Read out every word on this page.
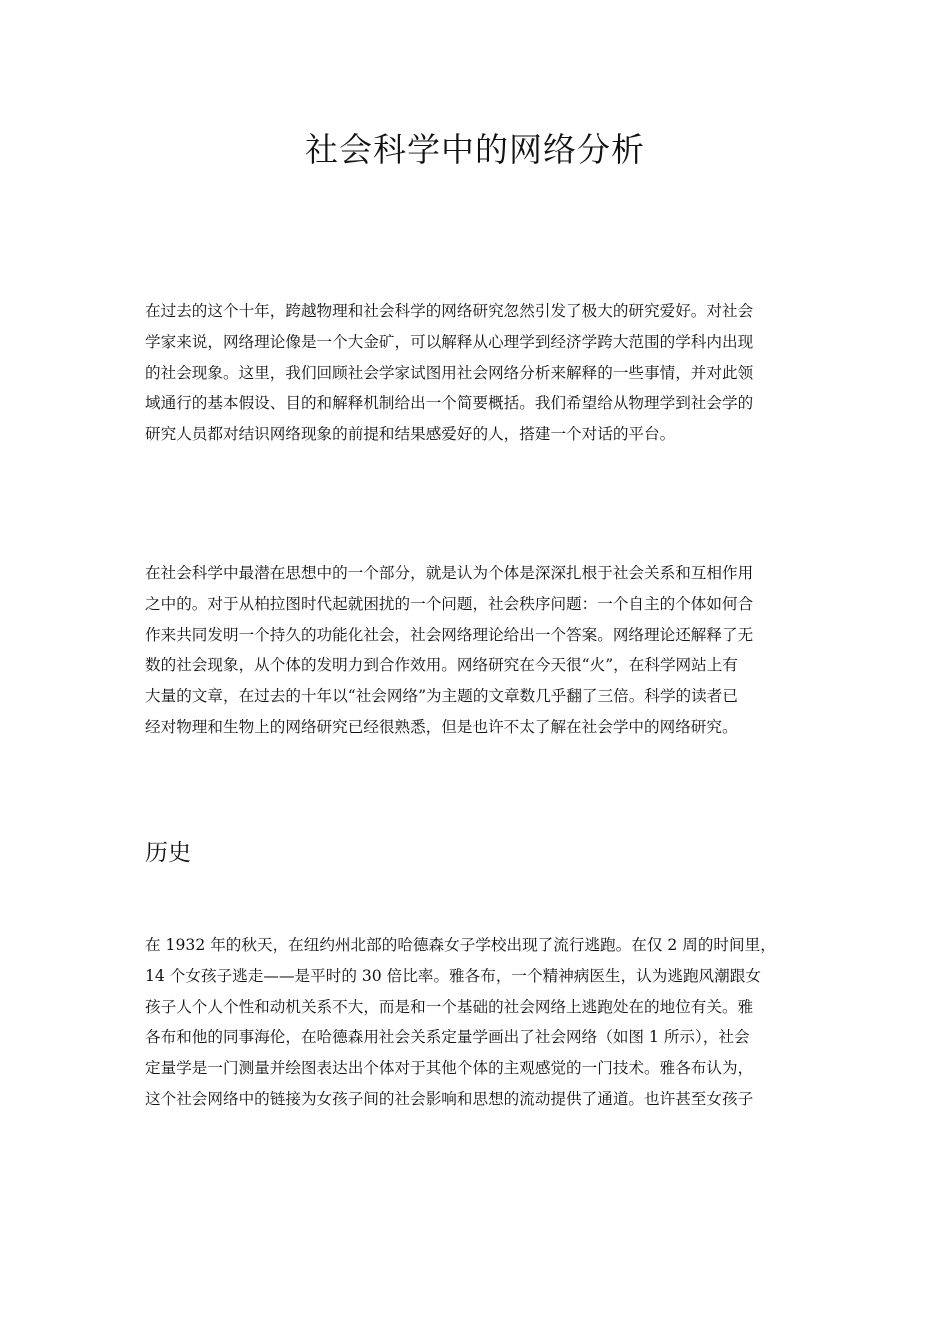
社会科学中的网络分析

在过去的这个十年，跨越物理和社会科学的网络研究忽然引发了极大的研究爱好。对社会
学家来说，网络理论像是一个大金矿，可以解释从心理学到经济学跨大范围的学科内出现
的社会现象。这里，我们回顾社会学家试图用社会网络分析来解释的一些事情，并对此领
域通行的基本假设、目的和解释机制给出一个简要概括。我们希望给从物理学到社会学的
研究人员都对结识网络现象的前提和结果感爱好的人，搭建一个对话的平台。

在社会科学中最潜在思想中的一个部分，就是认为个体是深深扎根于社会关系和互相作用
之中的。对于从柏拉图时代起就困扰的一个问题，社会秩序问题：一个自主的个体如何合
作来共同发明一个持久的功能化社会，社会网络理论给出一个答案。网络理论还解释了无
数的社会现象，从个体的发明力到合作效用。网络研究在今天很“火”，在科学网站上有
大量的文章，在过去的十年以“社会网络”为主题的文章数几乎翻了三倍。科学的读者已
经对物理和生物上的网络研究已经很熟悉，但是也许不太了解在社会学中的网络研究。

历史

在 1932 年的秋天，在纽约州北部的哈德森女子学校出现了流行逃跑。在仅 2 周的时间里，
14 个女孩子逃走——是平时的 30 倍比率。雅各布，一个精神病医生，认为逃跑风潮跟女
孩子人个人个性和动机关系不大，而是和一个基础的社会网络上逃跑处在的地位有关。雅
各布和他的同事海伦，在哈德森用社会关系定量学画出了社会网络（如图 1 所示），社会
定量学是一门测量并绘图表达出个体对于其他个体的主观感觉的一门技术。雅各布认为，
这个社会网络中的链接为女孩子间的社会影响和思想的流动提供了通道。也许甚至女孩子
